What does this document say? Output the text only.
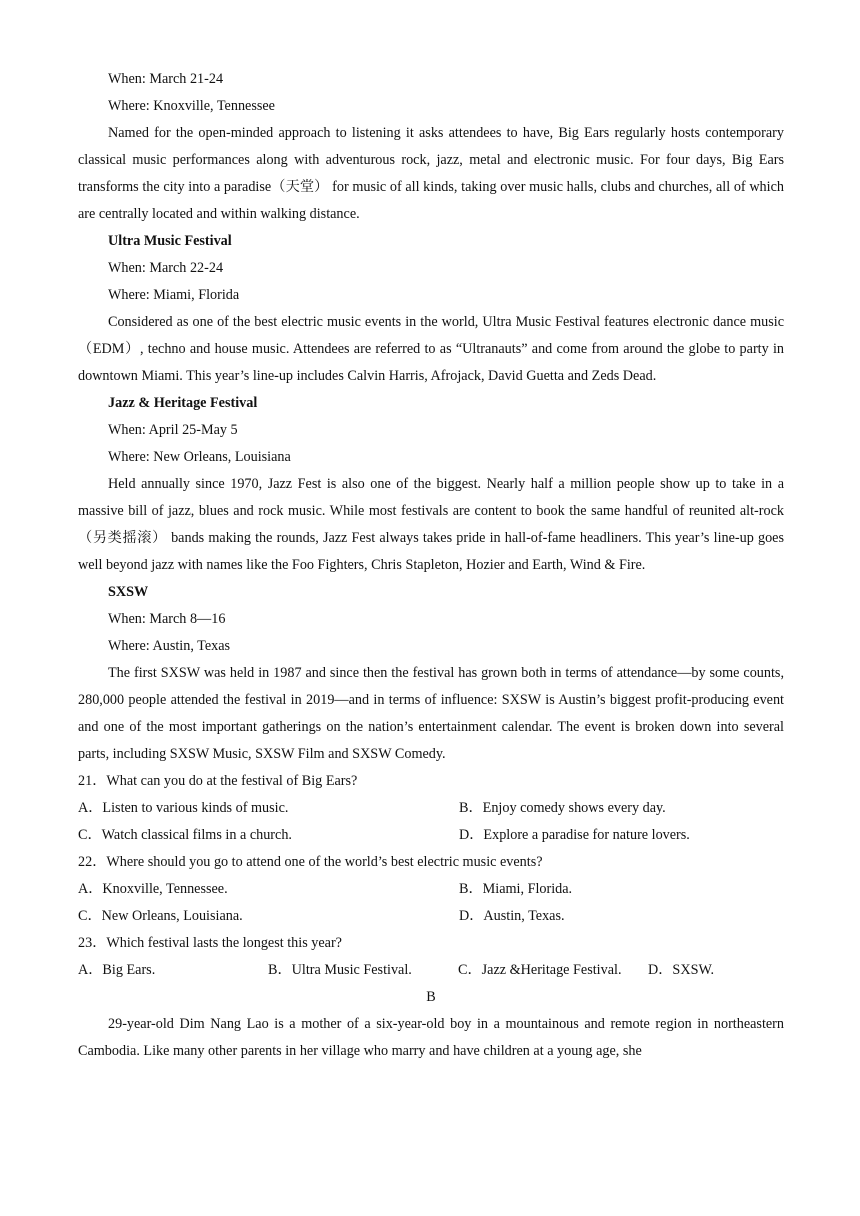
When: March 21-24

Where: Knoxville, Tennessee

Named for the open-minded approach to listening it asks attendees to have, Big Ears regularly hosts contemporary classical music performances along with adventurous rock, jazz, metal and electronic music. For four days, Big Ears transforms the city into a paradise（天堂） for music of all kinds, taking over music halls, clubs and churches, all of which are centrally located and within walking distance.

Ultra Music Festival

When: March 22-24

Where: Miami, Florida

Considered as one of the best electric music events in the world, Ultra Music Festival features electronic dance music（EDM）, techno and house music. Attendees are referred to as “Ultranauts” and come from around the globe to party in downtown Miami. This year’s line-up includes Calvin Harris, Afrojack, David Guetta and Zeds Dead.

Jazz & Heritage Festival

When: April 25-May 5

Where: New Orleans, Louisiana

Held annually since 1970, Jazz Fest is also one of the biggest. Nearly half a million people show up to take in a massive bill of jazz, blues and rock music. While most festivals are content to book the same handful of reunited alt-rock（另类摇滚） bands making the rounds, Jazz Fest always takes pride in hall-of-fame headliners. This year’s line-up goes well beyond jazz with names like the Foo Fighters, Chris Stapleton, Hozier and Earth, Wind & Fire.

SXSW

When: March 8—16

Where: Austin, Texas

The first SXSW was held in 1987 and since then the festival has grown both in terms of attendance—by some counts, 280,000 people attended the festival in 2019—and in terms of influence: SXSW is Austin’s biggest profit-producing event and one of the most important gatherings on the nation’s entertainment calendar. The event is broken down into several parts, including SXSW Music, SXSW Film and SXSW Comedy.

21．What can you do at the festival of Big Ears?

A．Listen to various kinds of music.	B．Enjoy comedy shows every day.
C．Watch classical films in a church.	D．Explore a paradise for nature lovers.

22．Where should you go to attend one of the world’s best electric music events?

A．Knoxville, Tennessee.	B．Miami, Florida.
C．New Orleans, Louisiana.	D．Austin, Texas.

23．Which festival lasts the longest this year?

A．Big Ears.	B．Ultra Music Festival.	C．Jazz &Heritage Festival.	D．SXSW.

B

29-year-old Dim Nang Lao is a mother of a six-year-old boy in a mountainous and remote region in northeastern Cambodia. Like many other parents in her village who marry and have children at a young age, she
